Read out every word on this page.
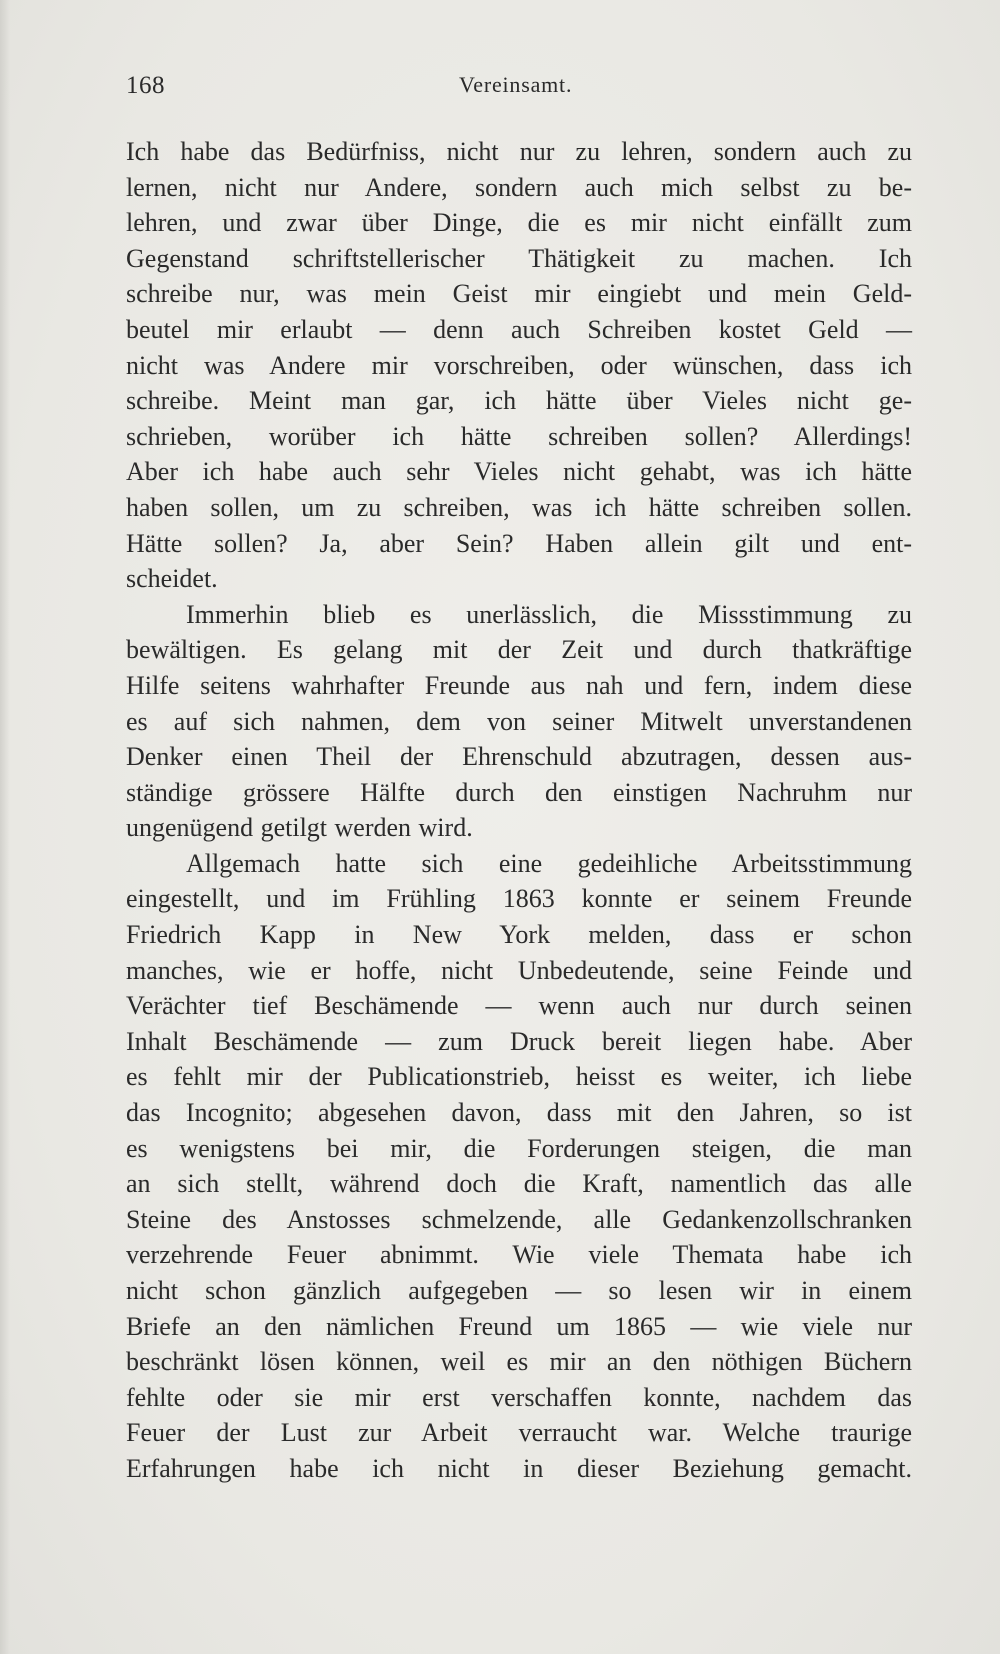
168	Vereinsamt.
Ich habe das Bedürfniss, nicht nur zu lehren, sondern auch zu
lernen, nicht nur Andere, sondern auch mich selbst zu be-
lehren, und zwar über Dinge, die es mir nicht einfällt zum
Gegenstand schriftstellerischer Thätigkeit zu machen. Ich
schreibe nur, was mein Geist mir eingiebt und mein Geld-
beutel mir erlaubt — denn auch Schreiben kostet Geld —
nicht was Andere mir vorschreiben, oder wünschen, dass ich
schreibe. Meint man gar, ich hätte über Vieles nicht ge-
schrieben, worüber ich hätte schreiben sollen? Allerdings!
Aber ich habe auch sehr Vieles nicht gehabt, was ich hätte
haben sollen, um zu schreiben, was ich hätte schreiben sollen.
Hätte sollen? Ja, aber Sein? Haben allein gilt und ent-
scheidet.
Immerhin blieb es unerlässlich, die Missstimmung zu
bewältigen. Es gelang mit der Zeit und durch thatkräftige
Hilfe seitens wahrhafter Freunde aus nah und fern, indem diese
es auf sich nahmen, dem von seiner Mitwelt unverstandenen
Denker einen Theil der Ehrenschuld abzutragen, dessen aus-
ständige grössere Hälfte durch den einstigen Nachruhm nur
ungenügend getilgt werden wird.
Allgemach hatte sich eine gedeihliche Arbeitsstimmung
eingestellt, und im Frühling 1863 konnte er seinem Freunde
Friedrich Kapp in New York melden, dass er schon
manches, wie er hoffe, nicht Unbedeutende, seine Feinde und
Verächter tief Beschämende — wenn auch nur durch seinen
Inhalt Beschämende — zum Druck bereit liegen habe. Aber
es fehlt mir der Publicationstrieb, heisst es weiter, ich liebe
das Incognito; abgesehen davon, dass mit den Jahren, so ist
es wenigstens bei mir, die Forderungen steigen, die man
an sich stellt, während doch die Kraft, namentlich das alle
Steine des Anstosses schmelzende, alle Gedankenzollschranken
verzehrende Feuer abnimmt. Wie viele Themata habe ich
nicht schon gänzlich aufgegeben — so lesen wir in einem
Briefe an den nämlichen Freund um 1865 — wie viele nur
beschränkt lösen können, weil es mir an den nöthigen Büchern
fehlte oder sie mir erst verschaffen konnte, nachdem das
Feuer der Lust zur Arbeit verraucht war. Welche traurige
Erfahrungen habe ich nicht in dieser Beziehung gemacht.
